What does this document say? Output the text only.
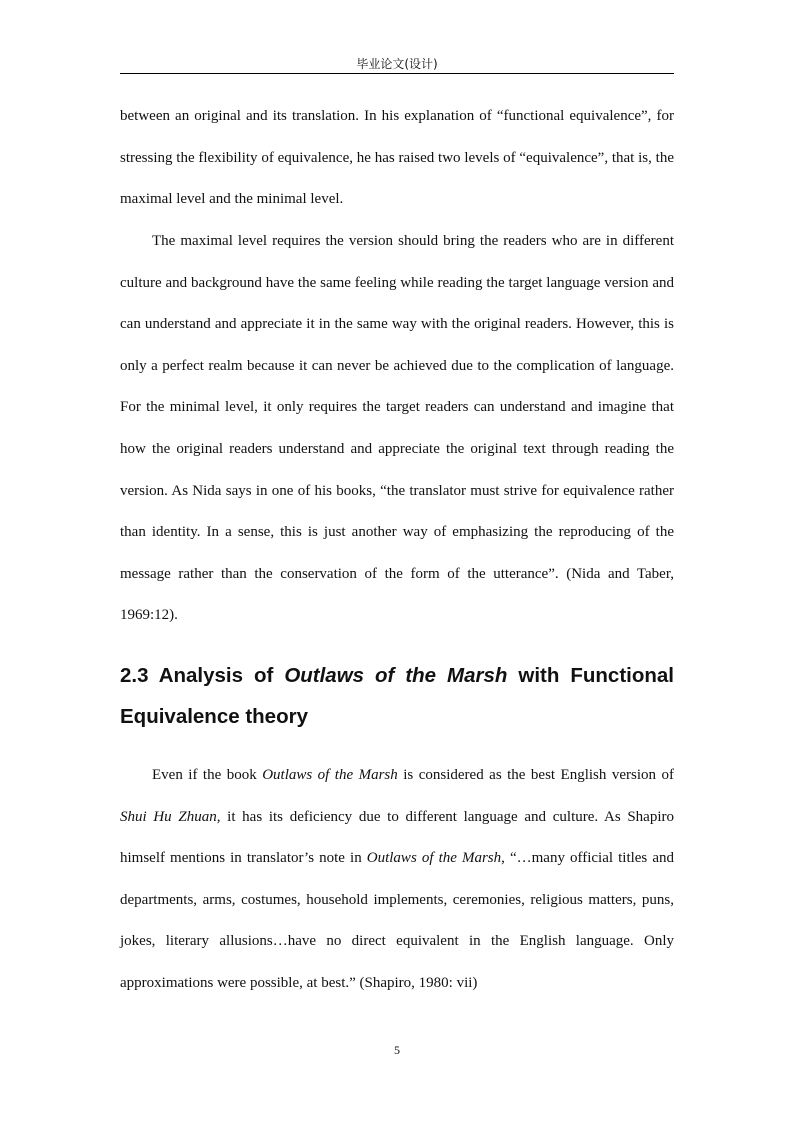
毕业论文(设计)

between an original and its translation. In his explanation of “functional equivalence”, for stressing the flexibility of equivalence, he has raised two levels of “equivalence”, that is, the maximal level and the minimal level.

The maximal level requires the version should bring the readers who are in different culture and background have the same feeling while reading the target language version and can understand and appreciate it in the same way with the original readers. However, this is only a perfect realm because it can never be achieved due to the complication of language. For the minimal level, it only requires the target readers can understand and imagine that how the original readers understand and appreciate the original text through reading the version. As Nida says in one of his books, “the translator must strive for equivalence rather than identity. In a sense, this is just another way of emphasizing the reproducing of the message rather than the conservation of the form of the utterance”. (Nida and Taber, 1969:12).

2.3 Analysis of Outlaws of the Marsh with Functional Equivalence theory

Even if the book Outlaws of the Marsh is considered as the best English version of Shui Hu Zhuan, it has its deficiency due to different language and culture. As Shapiro himself mentions in translator’s note in Outlaws of the Marsh, “…many official titles and departments, arms, costumes, household implements, ceremonies, religious matters, puns, jokes, literary allusions…have no direct equivalent in the English language. Only approximations were possible, at best.” (Shapiro, 1980: vii)

5
